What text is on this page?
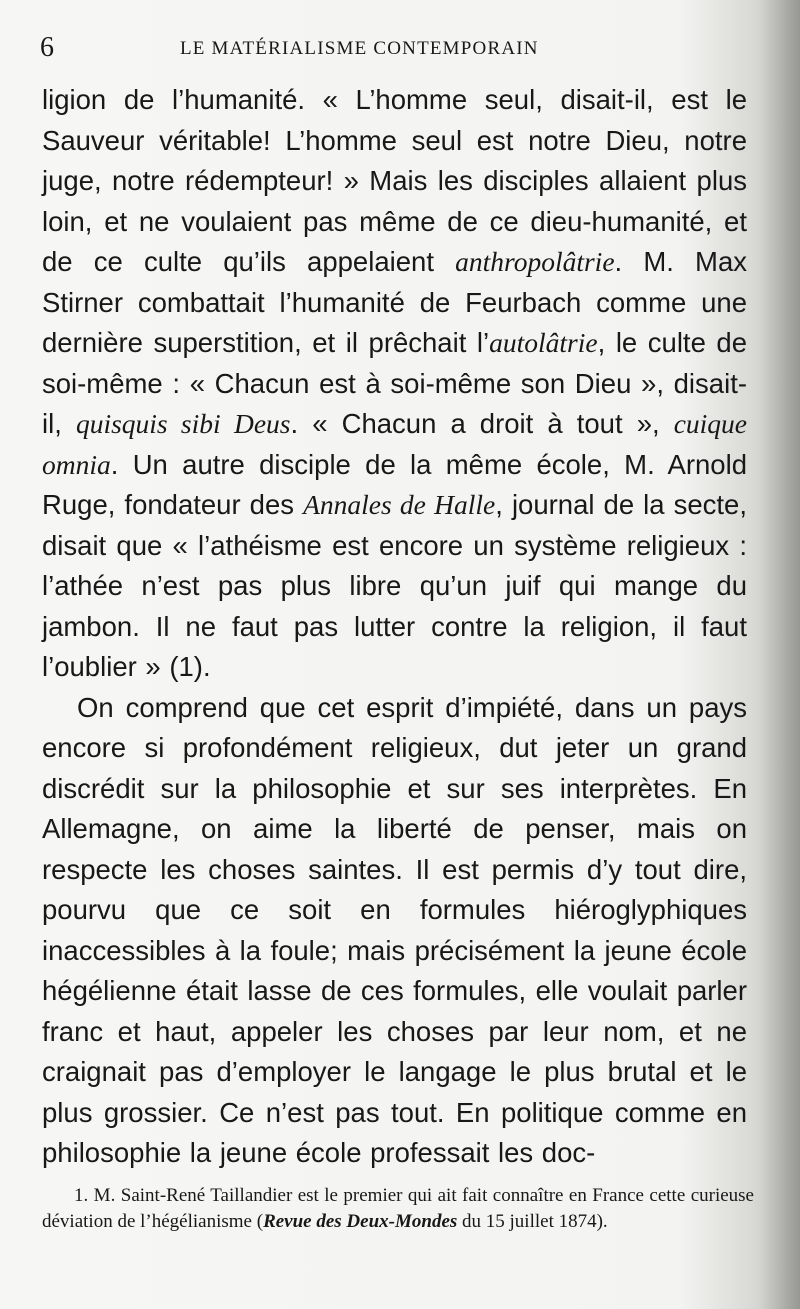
6	LE MATÉRIALISME CONTEMPORAIN

ligion de l’humanité. « L’homme seul, disait-il, est le Sauveur véritable! L’homme seul est notre Dieu, notre juge, notre rédempteur! » Mais les disciples allaient plus loin, et ne voulaient pas même de ce dieu-humanité, et de ce culte qu’ils appelaient anthropolâtrie. M. Max Stirner combattait l’humanité de Feurbach comme une dernière superstition, et il prêchait l’autolâtrie, le culte de soi-même : « Chacun est à soi-même son Dieu », disait-il, quisquis sibi Deus. « Chacun a droit à tout », cuique omnia. Un autre disciple de la même école, M. Arnold Ruge, fondateur des Annales de Halle, journal de la secte, disait que « l’athéisme est encore un système religieux : l’athée n’est pas plus libre qu’un juif qui mange du jambon. Il ne faut pas lutter contre la religion, il faut l’oublier » (1).

On comprend que cet esprit d’impiété, dans un pays encore si profondément religieux, dut jeter un grand discrédit sur la philosophie et sur ses interprètes. En Allemagne, on aime la liberté de penser, mais on respecte les choses saintes. Il est permis d’y tout dire, pourvu que ce soit en formules hiéroglyphiques inaccessibles à la foule; mais précisément la jeune école hégélienne était lasse de ces formules, elle voulait parler franc et haut, appeler les choses par leur nom, et ne craignait pas d’employer le langage le plus brutal et le plus grossier. Ce n’est pas tout. En politique comme en philosophie la jeune école professait les doc-

1. M. Saint-René Taillandier est le premier qui ait fait connaître en France cette curieuse déviation de l’hégélianisme (Revue des Deux-Mondes du 15 juillet 1874).
